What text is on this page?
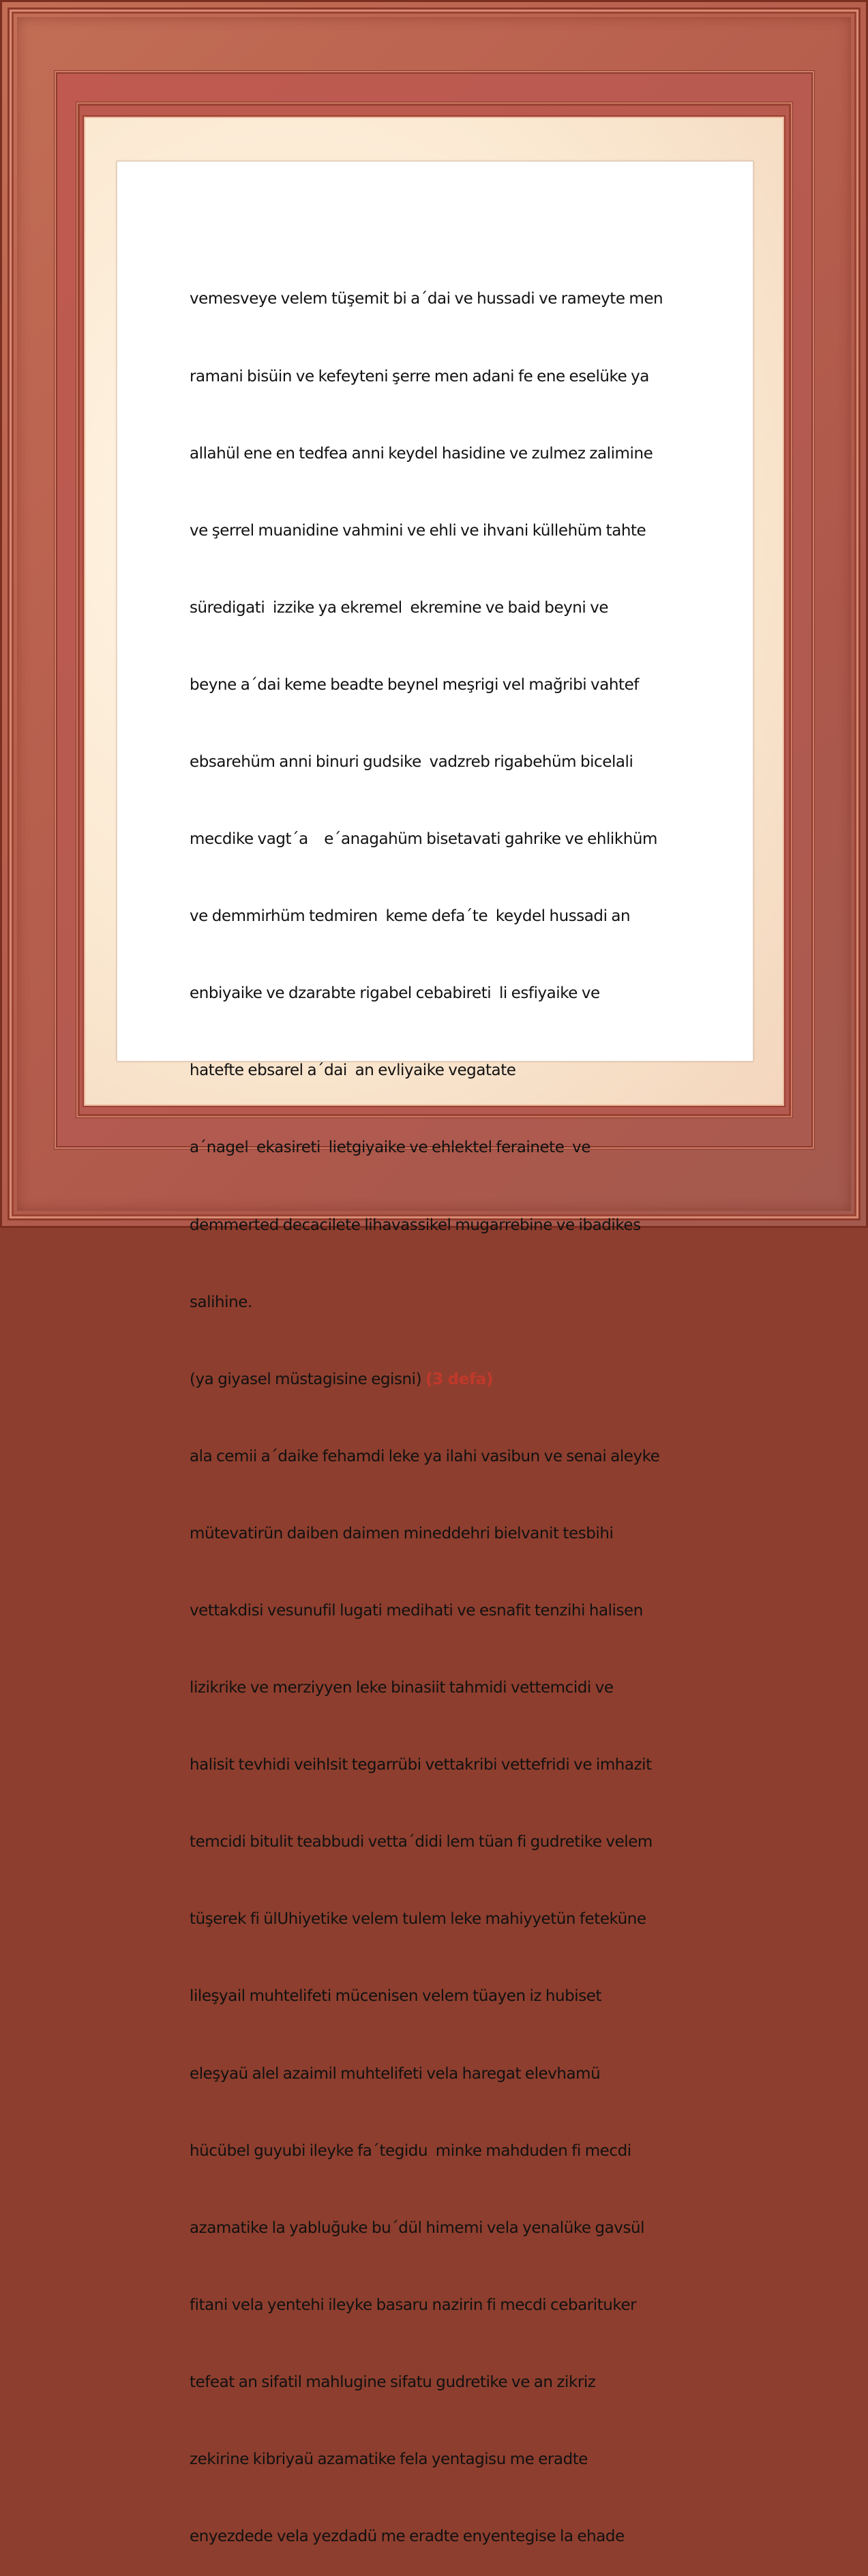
vemesveye velem tüşemit bi a´dai ve hussadi ve rameyte men

ramani bisüin ve kefeyteni şerre men adani fe ene eselüke ya

allahül ene en tedfea anni keydel hasidine ve zulmez zalimine

ve şerrel muanidine vahmini ve ehli ve ihvani küllehüm tahte

süredigati  izzike ya ekremel  ekremine ve baid beyni ve

beyne a´dai keme beadte beynel meşrigi vel mağribi vahtef

ebsarehüm anni binuri gudsike  vadzreb rigabehüm bicelali

mecdike vagt´a    e´anagahüm bisetavati gahrike ve ehlikhüm

ve demmirhüm tedmiren  keme defa´te  keydel hussadi an

enbiyaike ve dzarabte rigabel cebabireti  li esfiyaike ve

hatefte ebsarel a´dai  an evliyaike vegatate

a´nagel  ekasireti  lietgiyaike ve ehlektel ferainete  ve

demmerted decacilete lihavassikel mugarrebine ve ibadikes

salihine.

(ya giyasel müstagisine egisni) (3 defa)

ala cemii a´daike fehamdi leke ya ilahi vasibun ve senai aleyke

mütevatirün daiben daimen mineddehri bielvanit tesbihi

vettakdisi vesunufil lugati medihati ve esnafit tenzihi halisen

lizikrike ve merziyyen leke binasiit tahmidi vettemcidi ve

halisit tevhidi veihlsit tegarrübi vettakribi vettefridi ve imhazit

temcidi bitulit teabbudi vetta´didi lem tüan fi gudretike velem

tüşerek fi ülUhiyetike velem tulem leke mahiyyetün feteküne

lileşyail muhtelifeti mücenisen velem tüayen iz hubiset

eleşyaü alel azaimil muhtelifeti vela haregat elevhamü

hücübel guyubi ileyke fa´tegidu  minke mahduden fi mecdi

azamatike la yabluğuke bu´dül himemi vela yenalüke gavsül

fitani vela yentehi ileyke basaru nazirin fi mecdi cebarituker

tefeat an sifatil mahlugine sifatu gudretike ve an zikriz

zekirine kibriyaü azamatike fela yentagisu me eradte

enyezdede vela yezdadü me eradte enyentegise la ehade
